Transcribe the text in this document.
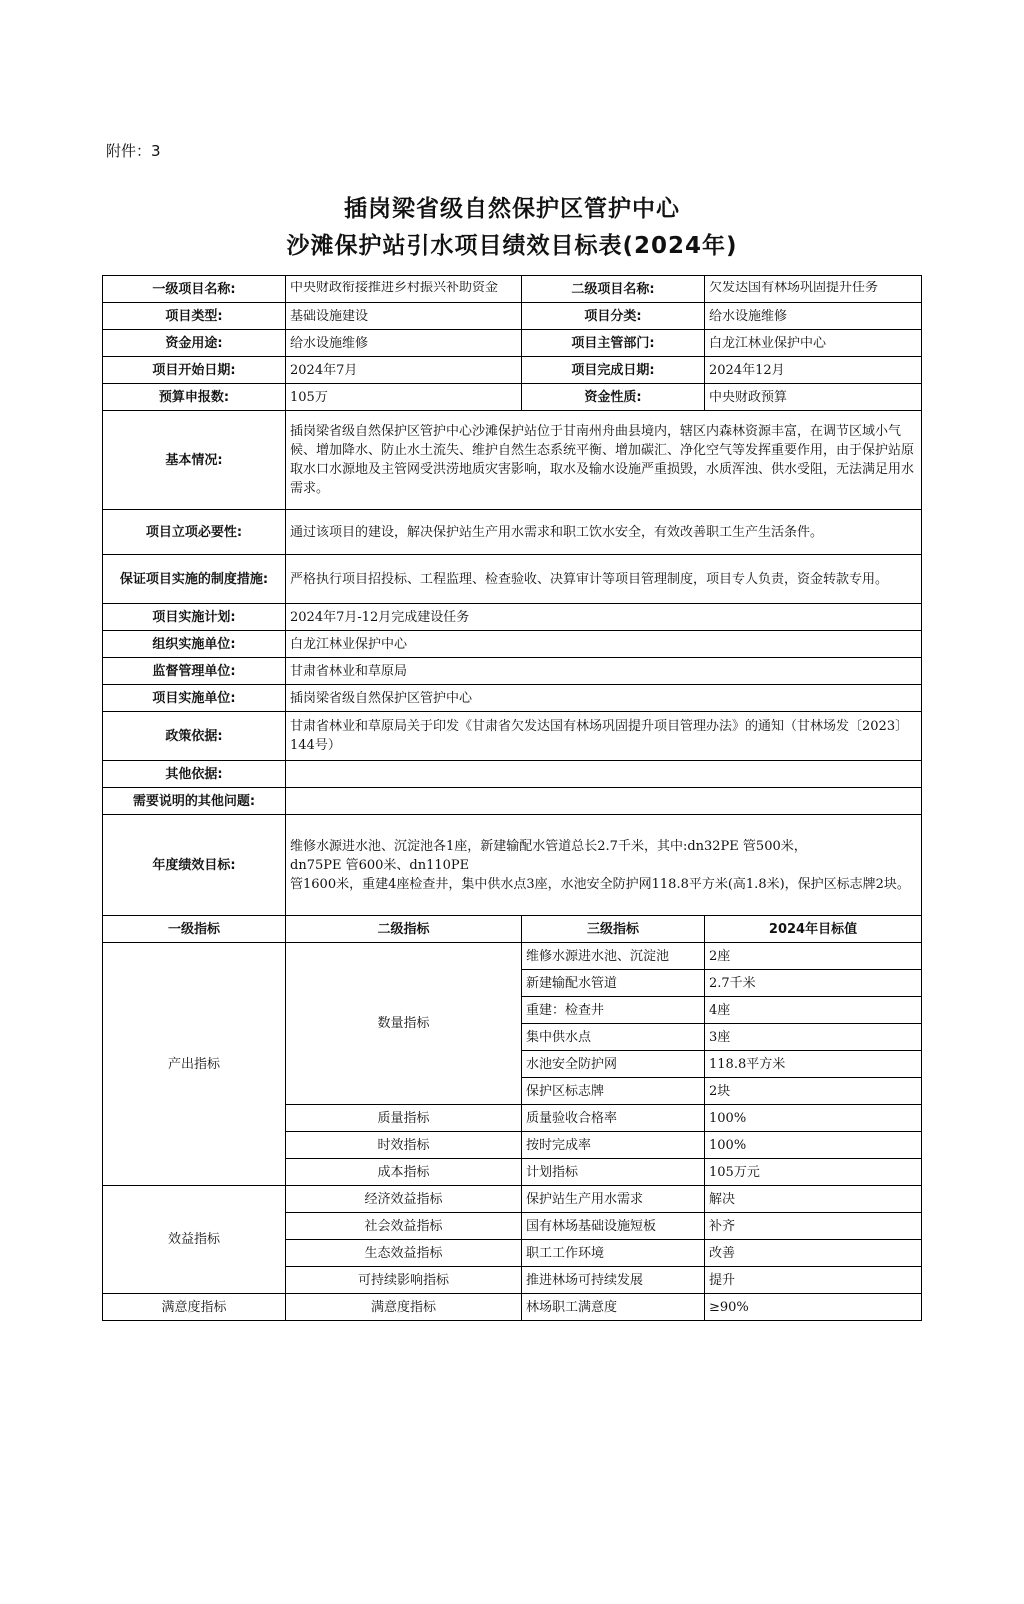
附件：3
插岗梁省级自然保护区管护中心
沙滩保护站引水项目绩效目标表(2024年)
一级项目名称:	中央财政衔接推进乡村振兴补助资金	二级项目名称:	欠发达国有林场巩固提升任务

项目类型:	基础设施建设	项目分类:	给水设施维修
资金用途:	给水设施维修	项目主管部门:	白龙江林业保护中心
项目开始日期:	2024年7月	项目完成日期:	2024年12月
预算申报数:	105万	资金性质:	中央财政预算
基本情况:	插岗梁省级自然保护区管护中心沙滩保护站位于甘南州舟曲县境内，辖区内森林资源丰富，在调节区域小气候、增加降水、防止水土流失、维护自然生态系统平衡、增加碳汇、净化空气等发挥重要作用，由于保护站原取水口水源地及主管网受洪涝地质灾害影响，取水及输水设施严重损毁，水质浑浊、供水受阻，无法满足用水需求。		
项目立项必要性:	通过该项目的建设，解决保护站生产用水需求和职工饮水安全，有效改善职工生产生活条件。		
保证项目实施的制度措施:	严格执行项目招投标、工程监理、检查验收、决算审计等项目管理制度，项目专人负责，资金转款专用。		
项目实施计划:	2024年7月-12月完成建设任务		
组织实施单位:	白龙江林业保护中心		
监督管理单位:	甘肃省林业和草原局		
项目实施单位:	插岗梁省级自然保护区管护中心		
政策依据:	甘肃省林业和草原局关于印发《甘肃省欠发达国有林场巩固提升项目管理办法》的通知（甘林场发〔2023〕144号）		
其他依据:			
需要说明的其他问题:			
年度绩效目标:	维修水源进水池、沉淀池各1座，新建输配水管道总长2.7千米，其中:dn32PE 管500米，
dn75PE 管600米、dn110PE
管1600米，重建4座检查井，集中供水点3座，水池安全防护网118.8平方米(高1.8米)，保护区标志牌2块。		

一级指标	二级指标	三级指标	2024年目标值
产出指标	数量指标	维修水源进水池、沉淀池	2座
		新建输配水管道	2.7千米
		重建：检查井	4座
		集中供水点	3座
		水池安全防护网	118.8平方米
		保护区标志牌	2块
	质量指标	质量验收合格率	100%
	时效指标	按时完成率	100%
	成本指标	计划指标	105万元
效益指标	经济效益指标	保护站生产用水需求	解决
	社会效益指标	国有林场基础设施短板	补齐
	生态效益指标	职工工作环境	改善
	可持续影响指标	推进林场可持续发展	提升
满意度指标	满意度指标	林场职工满意度	≥90%
